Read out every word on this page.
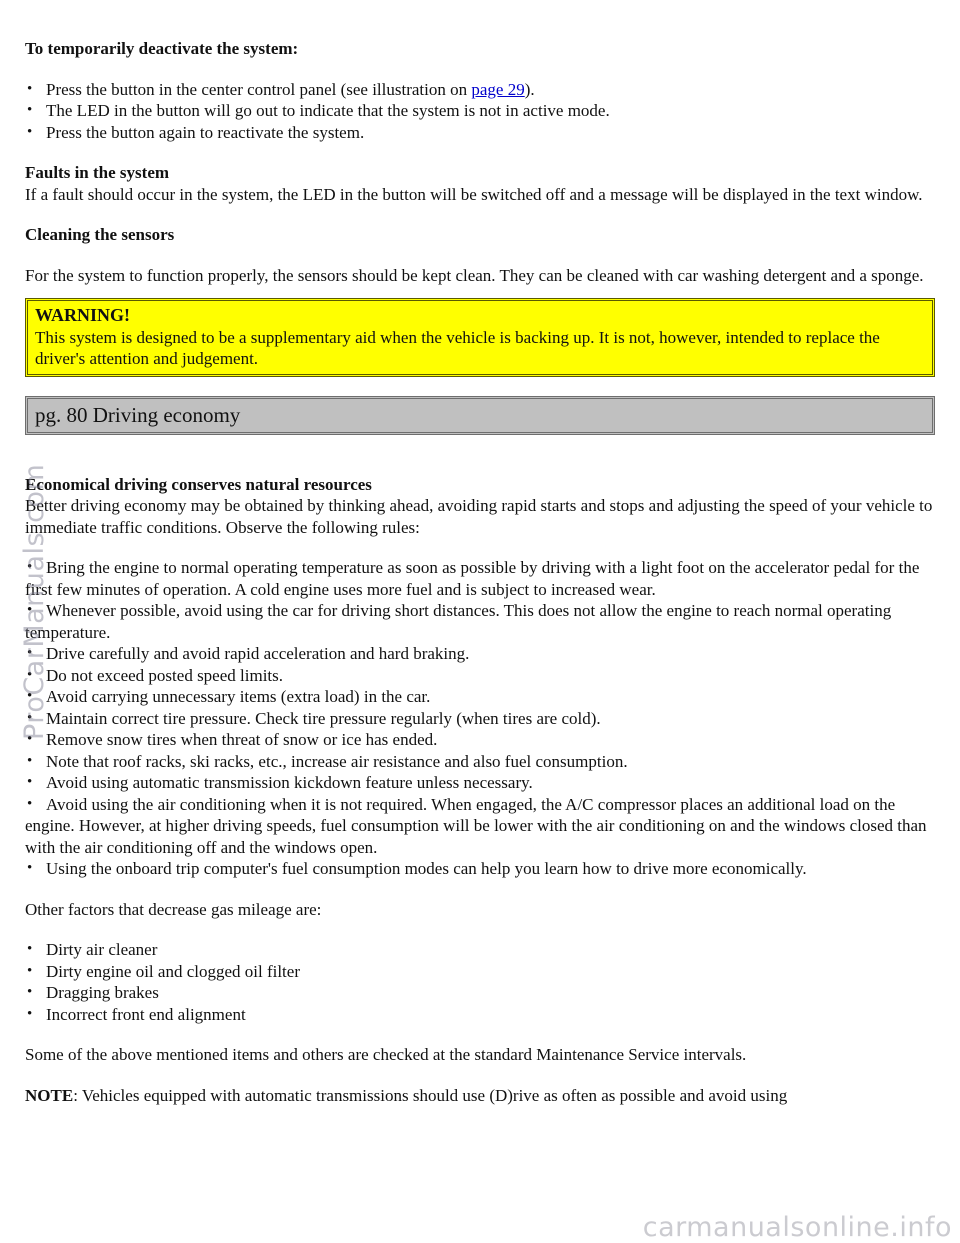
To temporarily deactivate the system:

• Press the button in the center control panel (see illustration on page 29).
• The LED in the button will go out to indicate that the system is not in active mode.
• Press the button again to reactivate the system.

Faults in the system

If a fault should occur in the system, the LED in the button will be switched off and a message will be displayed in the text window.

Cleaning the sensors

For the system to function properly, the sensors should be kept clean. They can be cleaned with car washing detergent and a sponge.

WARNING!
This system is designed to be a supplementary aid when the vehicle is backing up. It is not, however, intended to replace the driver's attention and judgement.
pg. 80 Driving economy

Economical driving conserves natural resources

Better driving economy may be obtained by thinking ahead, avoiding rapid starts and stops and adjusting the speed of your vehicle to immediate traffic conditions. Observe the following rules:

• Bring the engine to normal operating temperature as soon as possible by driving with a light foot on the accelerator pedal for the first few minutes of operation. A cold engine uses more fuel and is subject to increased wear.
• Whenever possible, avoid using the car for driving short distances. This does not allow the engine to reach normal operating temperature.
• Drive carefully and avoid rapid acceleration and hard braking.
• Do not exceed posted speed limits.
• Avoid carrying unnecessary items (extra load) in the car.
• Maintain correct tire pressure. Check tire pressure regularly (when tires are cold).
• Remove snow tires when threat of snow or ice has ended.
• Note that roof racks, ski racks, etc., increase air resistance and also fuel consumption.
• Avoid using automatic transmission kickdown feature unless necessary.
• Avoid using the air conditioning when it is not required. When engaged, the A/C compressor places an additional load on the engine. However, at higher driving speeds, fuel consumption will be lower with the air conditioning on and the windows closed than with the air conditioning off and the windows open.
• Using the onboard trip computer's fuel consumption modes can help you learn how to drive more economically.

Other factors that decrease gas mileage are:

• Dirty air cleaner
• Dirty engine oil and clogged oil filter
• Dragging brakes
• Incorrect front end alignment

Some of the above mentioned items and others are checked at the standard Maintenance Service intervals.

NOTE: Vehicles equipped with automatic transmissions should use (D)rive as often as possible and avoid using

ProCarManuals.com
carmanualsonline.info
